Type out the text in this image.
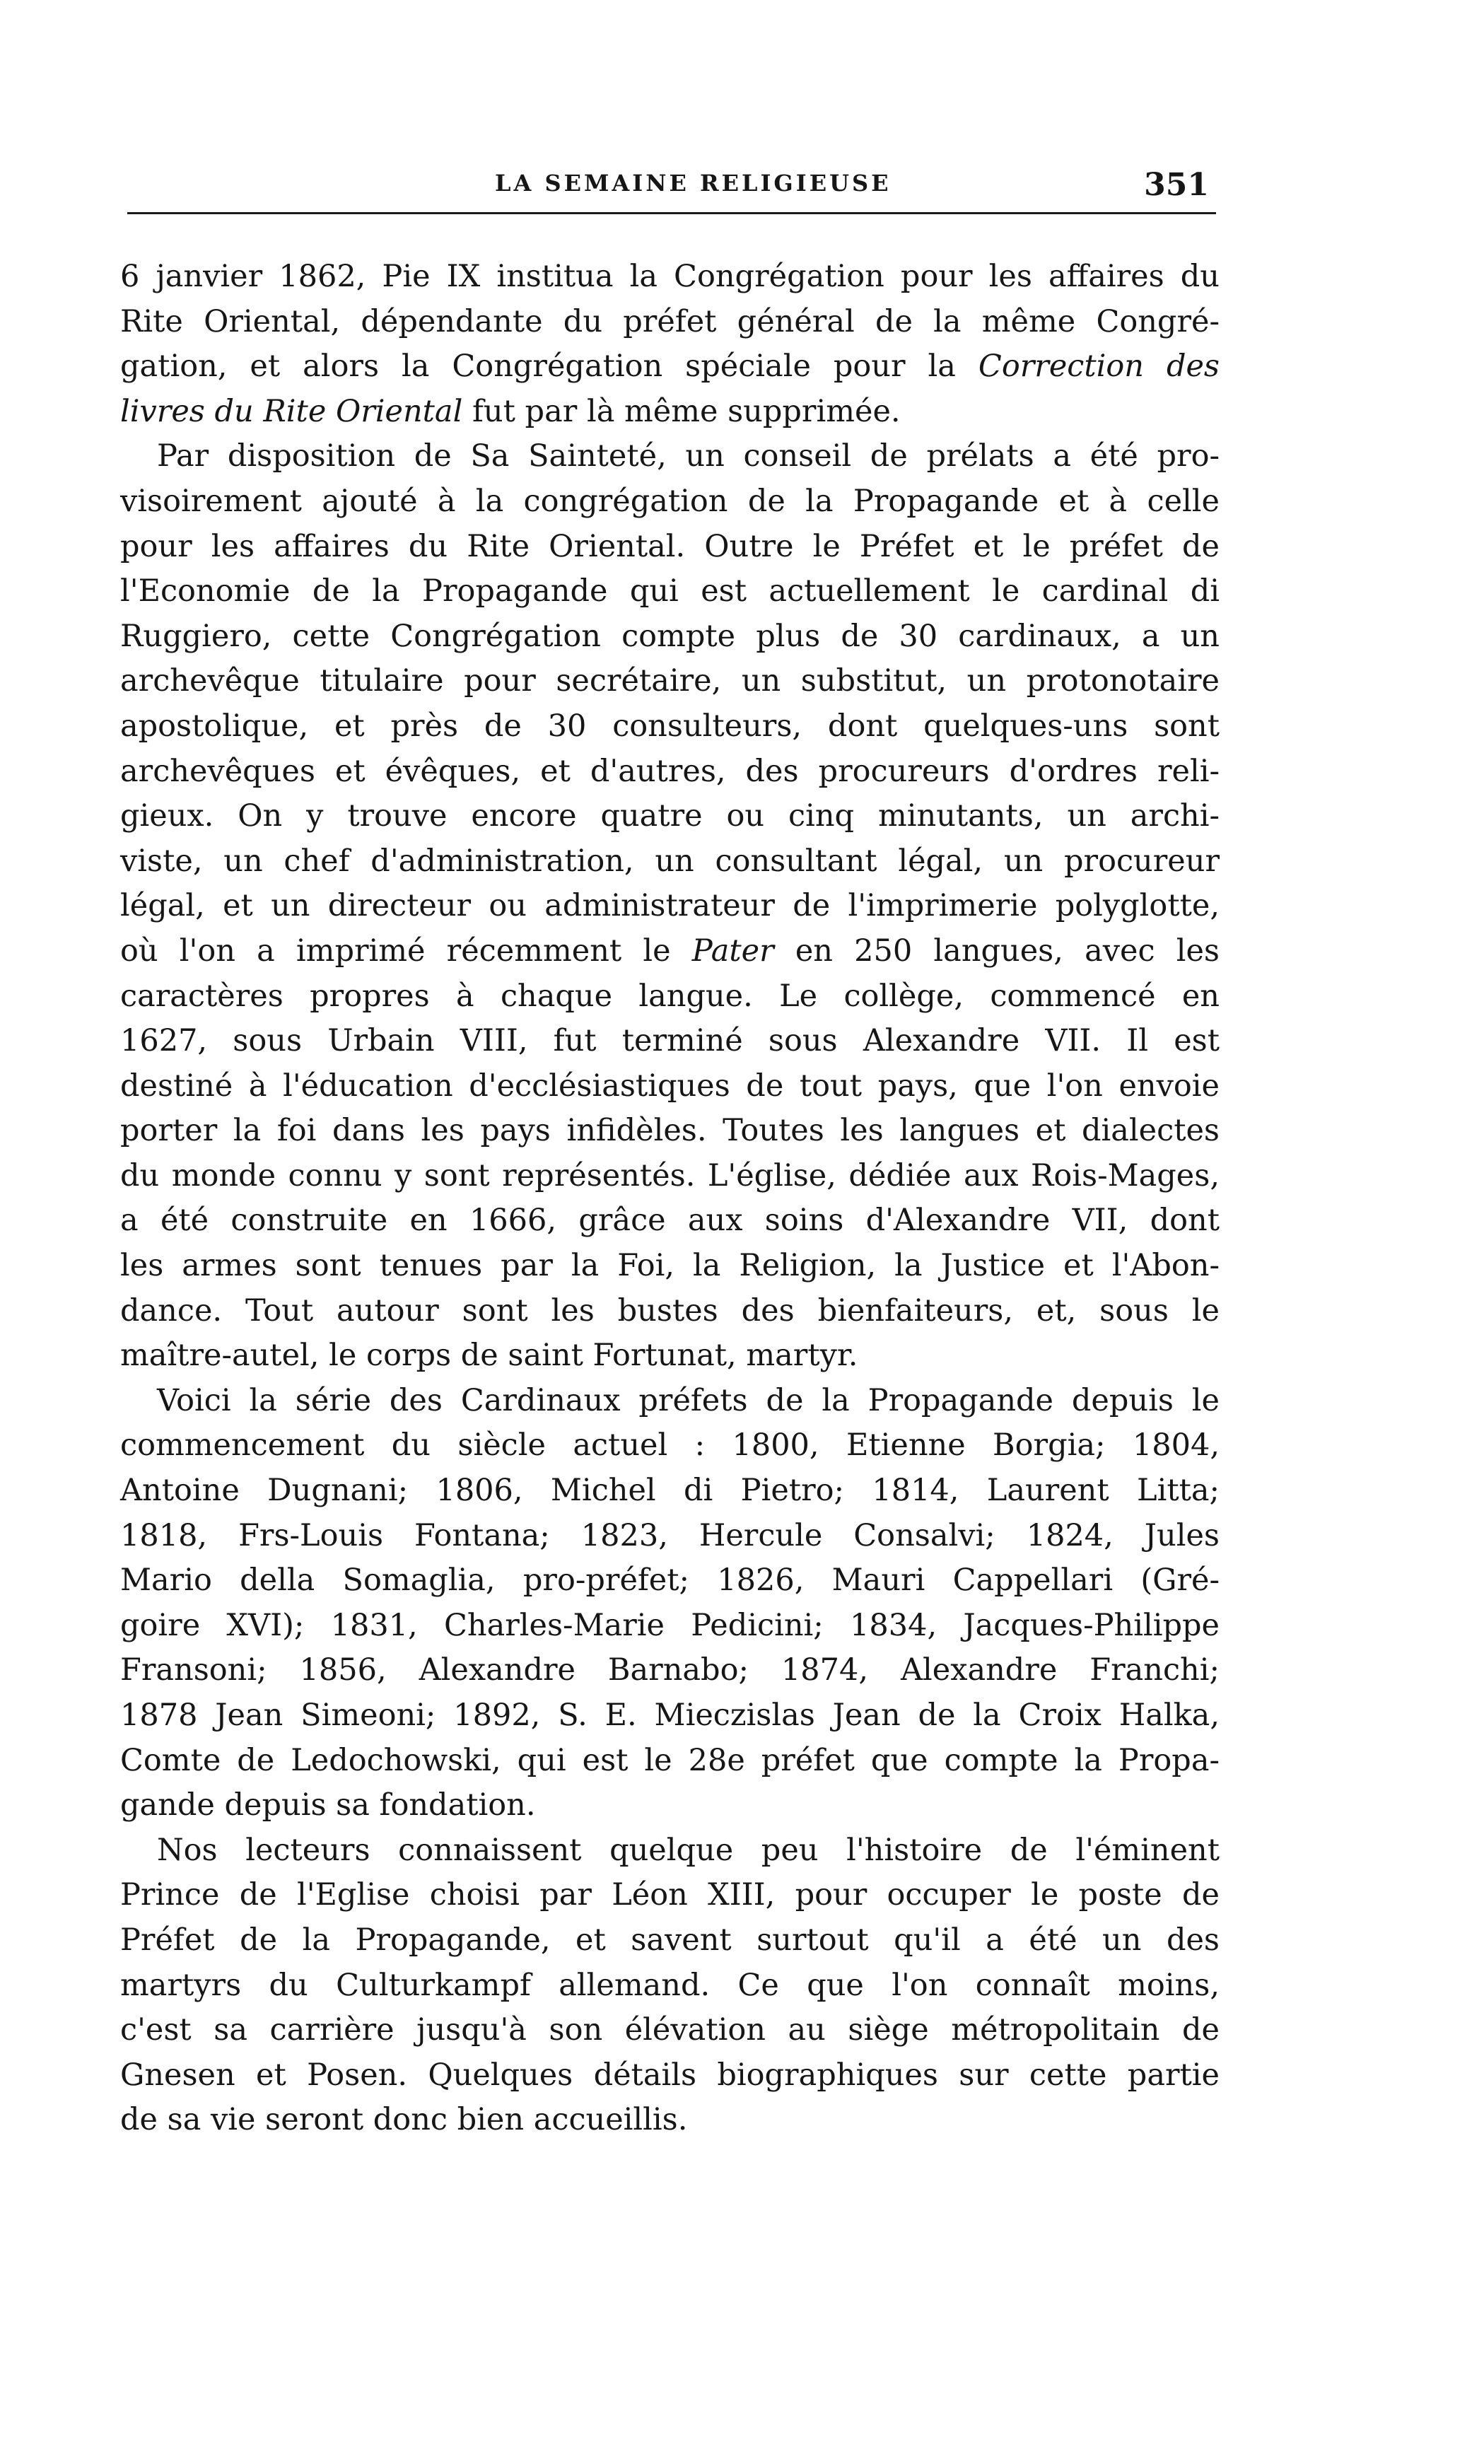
LA SEMAINE RELIGIEUSE	351
6 janvier 1862, Pie IX institua la Congrégation pour les affaires du
Rite Oriental, dépendante du préfet général de la même Congré-
gation, et alors la Congrégation spéciale pour la Correction des
livres du Rite Oriental fut par là même supprimée.
Par disposition de Sa Sainteté, un conseil de prélats a été pro-
visoirement ajouté à la congrégation de la Propagande et à celle
pour les affaires du Rite Oriental. Outre le Préfet et le préfet de
l'Economie de la Propagande qui est actuellement le cardinal di
Ruggiero, cette Congrégation compte plus de 30 cardinaux, a un
archevêque titulaire pour secrétaire, un substitut, un protonotaire
apostolique, et près de 30 consulteurs, dont quelques-uns sont
archevêques et évêques, et d'autres, des procureurs d'ordres reli-
gieux. On y trouve encore quatre ou cinq minutants, un archi-
viste, un chef d'administration, un consultant légal, un procureur
légal, et un directeur ou administrateur de l'imprimerie polyglotte,
où l'on a imprimé récemment le Pater en 250 langues, avec les
caractères propres à chaque langue. Le collège, commencé en
1627, sous Urbain VIII, fut terminé sous Alexandre VII. Il est
destiné à l'éducation d'ecclésiastiques de tout pays, que l'on envoie
porter la foi dans les pays infidèles. Toutes les langues et dialectes
du monde connu y sont représentés. L'église, dédiée aux Rois-Mages,
a été construite en 1666, grâce aux soins d'Alexandre VII, dont
les armes sont tenues par la Foi, la Religion, la Justice et l'Abon-
dance. Tout autour sont les bustes des bienfaiteurs, et, sous le
maître-autel, le corps de saint Fortunat, martyr.
Voici la série des Cardinaux préfets de la Propagande depuis le
commencement du siècle actuel : 1800, Etienne Borgia; 1804,
Antoine Dugnani; 1806, Michel di Pietro; 1814, Laurent Litta;
1818, Frs-Louis Fontana; 1823, Hercule Consalvi; 1824, Jules
Mario della Somaglia, pro-préfet; 1826, Mauri Cappellari (Gré-
goire XVI); 1831, Charles-Marie Pedicini; 1834, Jacques-Philippe
Fransoni; 1856, Alexandre Barnabo; 1874, Alexandre Franchi;
1878 Jean Simeoni; 1892, S. E. Mieczislas Jean de la Croix Halka,
Comte de Ledochowski, qui est le 28e préfet que compte la Propa-
gande depuis sa fondation.
Nos lecteurs connaissent quelque peu l'histoire de l'éminent
Prince de l'Eglise choisi par Léon XIII, pour occuper le poste de
Préfet de la Propagande, et savent surtout qu'il a été un des
martyrs du Culturkampf allemand. Ce que l'on connaît moins,
c'est sa carrière jusqu'à son élévation au siège métropolitain de
Gnesen et Posen. Quelques détails biographiques sur cette partie
de sa vie seront donc bien accueillis.
